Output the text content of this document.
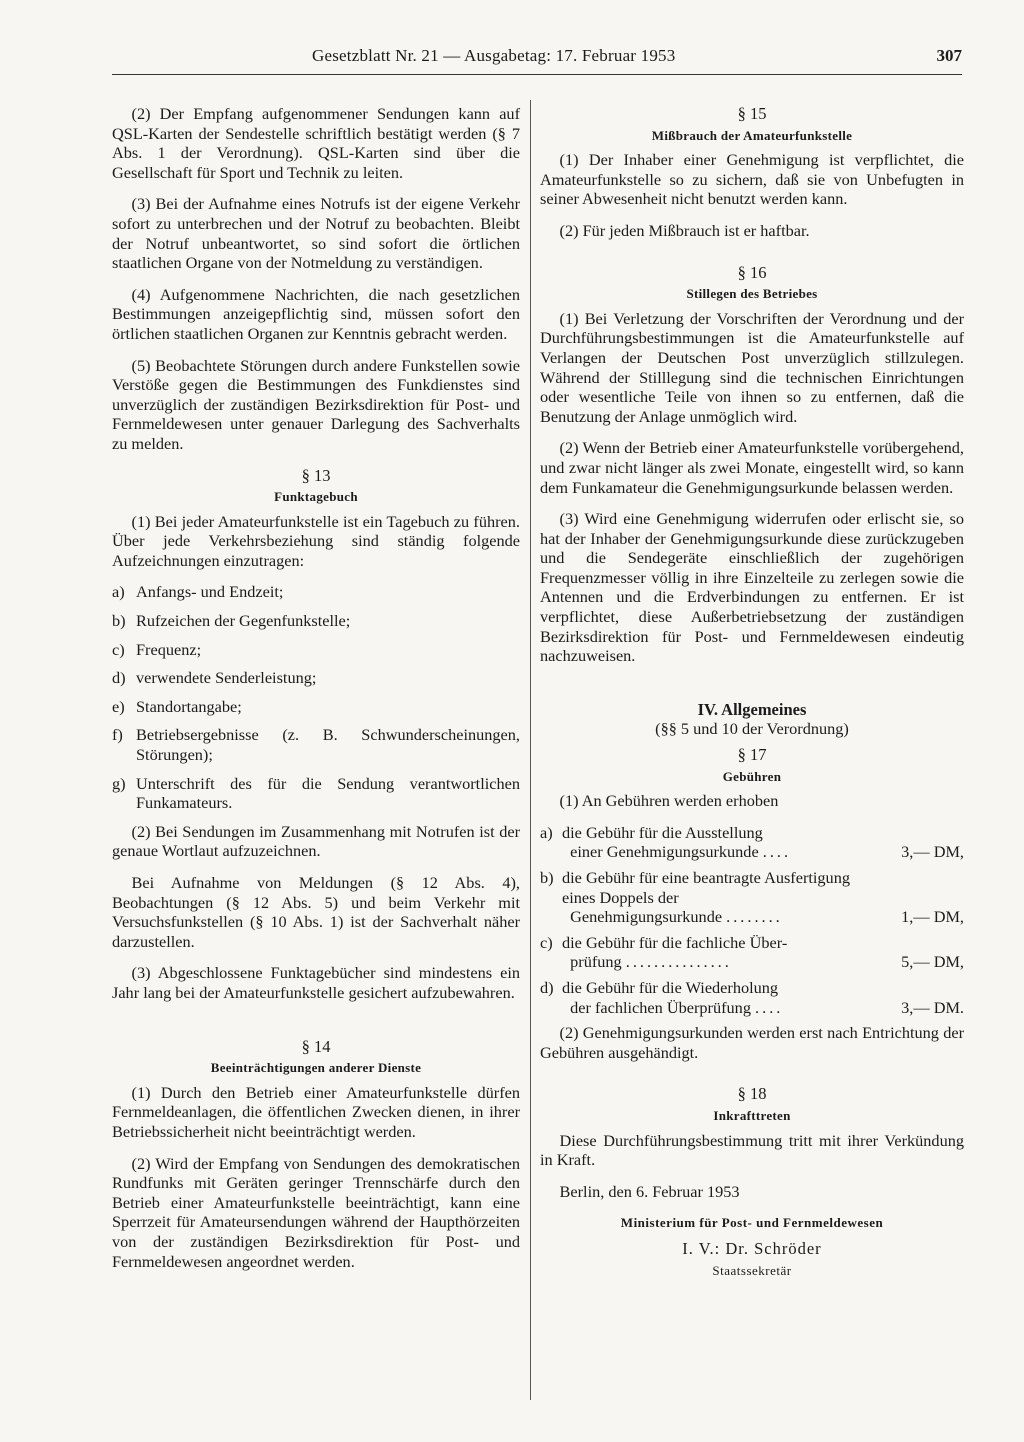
Gesetzblatt Nr. 21 — Ausgabetag: 17. Februar 1953	307

(2) Der Empfang aufgenommener Sendungen kann auf QSL-Karten der Sendestelle schriftlich bestätigt werden (§ 7 Abs. 1 der Verordnung). QSL-Karten sind über die Gesellschaft für Sport und Technik zu leiten.

(3) Bei der Aufnahme eines Notrufs ist der eigene Verkehr sofort zu unterbrechen und der Notruf zu beobachten. Bleibt der Notruf unbeantwortet, so sind sofort die örtlichen staatlichen Organe von der Notmeldung zu verständigen.

(4) Aufgenommene Nachrichten, die nach gesetzlichen Bestimmungen anzeigepflichtig sind, müssen sofort den örtlichen staatlichen Organen zur Kenntnis gebracht werden.

(5) Beobachtete Störungen durch andere Funkstellen sowie Verstöße gegen die Bestimmungen des Funkdienstes sind unverzüglich der zuständigen Bezirksdirektion für Post- und Fernmeldewesen unter genauer Darlegung des Sachverhalts zu melden.

§ 13
Funktagebuch

(1) Bei jeder Amateurfunkstelle ist ein Tagebuch zu führen. Über jede Verkehrsbeziehung sind ständig folgende Aufzeichnungen einzutragen:

a) Anfangs- und Endzeit;
b) Rufzeichen der Gegenfunkstelle;
c) Frequenz;
d) verwendete Senderleistung;
e) Standortangabe;
f) Betriebsergebnisse (z. B. Schwunderscheinungen, Störungen);
g) Unterschrift des für die Sendung verantwortlichen Funkamateurs.

(2) Bei Sendungen im Zusammenhang mit Notrufen ist der genaue Wortlaut aufzuzeichnen.

Bei Aufnahme von Meldungen (§ 12 Abs. 4), Beobachtungen (§ 12 Abs. 5) und beim Verkehr mit Versuchsfunkstellen (§ 10 Abs. 1) ist der Sachverhalt näher darzustellen.

(3) Abgeschlossene Funktagebücher sind mindestens ein Jahr lang bei der Amateurfunkstelle gesichert aufzubewahren.

§ 14
Beeinträchtigungen anderer Dienste

(1) Durch den Betrieb einer Amateurfunkstelle dürfen Fernmeldeanlagen, die öffentlichen Zwecken dienen, in ihrer Betriebssicherheit nicht beeinträchtigt werden.

(2) Wird der Empfang von Sendungen des demokratischen Rundfunks mit Geräten geringer Trennschärfe durch den Betrieb einer Amateurfunkstelle beeinträchtigt, kann eine Sperrzeit für Amateursendungen während der Haupthörzeiten von der zuständigen Bezirksdirektion für Post- und Fernmeldewesen angeordnet werden.

§ 15
Mißbrauch der Amateurfunkstelle

(1) Der Inhaber einer Genehmigung ist verpflichtet, die Amateurfunkstelle so zu sichern, daß sie von Unbefugten in seiner Abwesenheit nicht benutzt werden kann.

(2) Für jeden Mißbrauch ist er haftbar.

§ 16
Stillegen des Betriebes

(1) Bei Verletzung der Vorschriften der Verordnung und der Durchführungsbestimmungen ist die Amateurfunkstelle auf Verlangen der Deutschen Post unverzüglich stillzulegen. Während der Stilllegung sind die technischen Einrichtungen oder wesentliche Teile von ihnen so zu entfernen, daß die Benutzung der Anlage unmöglich wird.

(2) Wenn der Betrieb einer Amateurfunkstelle vorübergehend, und zwar nicht länger als zwei Monate, eingestellt wird, so kann dem Funkamateur die Genehmigungsurkunde belassen werden.

(3) Wird eine Genehmigung widerrufen oder erlischt sie, so hat der Inhaber der Genehmigungsurkunde diese zurückzugeben und die Sendegeräte einschließlich der zugehörigen Frequenzmesser völlig in ihre Einzelteile zu zerlegen sowie die Antennen und die Erdverbindungen zu entfernen. Er ist verpflichtet, diese Außerbetriebsetzung der zuständigen Bezirksdirektion für Post- und Fernmeldewesen eindeutig nachzuweisen.

IV. Allgemeines
(§§ 5 und 10 der Verordnung)
§ 17
Gebühren

(1) An Gebühren werden erhoben

a) die Gebühr für die Ausstellung
einer Genehmigungsurkunde ....	3,— DM,
b) die Gebühr für eine beantragte Ausfertigung eines Doppels der
Genehmigungsurkunde ........	1,— DM,
c) die Gebühr für die fachliche Über-
prüfung ...............	5,— DM,
d) die Gebühr für die Wiederholung
der fachlichen Überprüfung ....	3,— DM.

(2) Genehmigungsurkunden werden erst nach Entrichtung der Gebühren ausgehändigt.

§ 18
Inkrafttreten

Diese Durchführungsbestimmung tritt mit ihrer Verkündung in Kraft.

Berlin, den 6. Februar 1953

Ministerium für Post- und Fernmeldewesen
I. V.: Dr. Schröder
Staatssekretär
